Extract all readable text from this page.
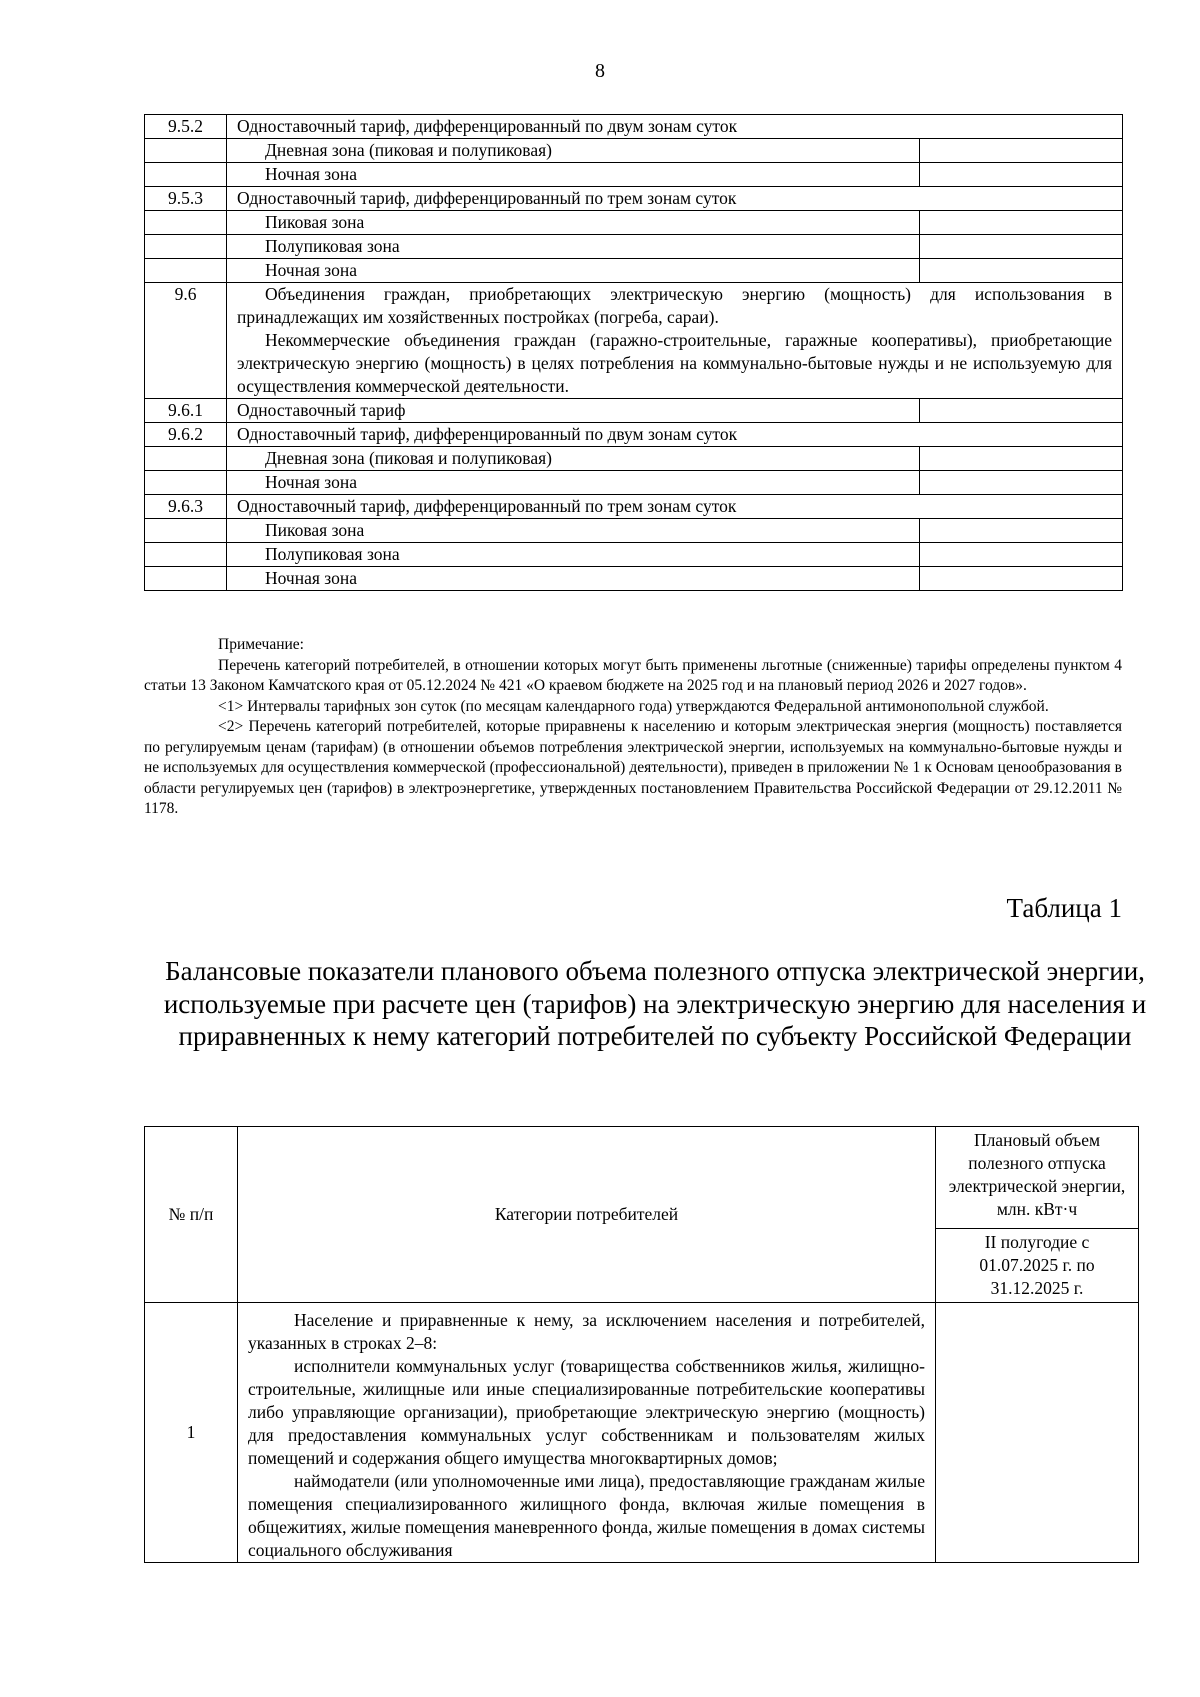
8
9.5.2	Одноставочный тариф, дифференцированный по двум зонам суток	
	Дневная зона (пиковая и полупиковая)	
	Ночная зона	
9.5.3	Одноставочный тариф, дифференцированный по трем зонам суток	
	Пиковая зона	
	Полупиковая зона	
	Ночная зона	
9.6	Объединения граждан, приобретающих электрическую энергию (мощность) для использования в принадлежащих им хозяйственных постройках (погреба, сараи).

Некоммерческие объединения граждан (гаражно-строительные, гаражные кооперативы), приобретающие электрическую энергию (мощность) в целях потребления на коммунально-бытовые нужды и не используемую для осуществления коммерческой деятельности.	

9.6.1	Одноставочный тариф	
9.6.2	Одноставочный тариф, дифференцированный по двум зонам суток	
	Дневная зона (пиковая и полупиковая)	
	Ночная зона	
9.6.3	Одноставочный тариф, дифференцированный по трем зонам суток	
	Пиковая зона	
	Полупиковая зона	
	Ночная зона	

Примечание:

Перечень категорий потребителей, в отношении которых могут быть применены льготные (сниженные) тарифы определены пунктом 4 статьи 13 Законом Камчатского края от 05.12.2024 № 421 «О краевом бюджете на 2025 год и на плановый период 2026 и 2027 годов».

<1> Интервалы тарифных зон суток (по месяцам календарного года) утверждаются Федеральной антимонопольной службой.

<2> Перечень категорий потребителей, которые приравнены к населению и которым электрическая энергия (мощность) поставляется по регулируемым ценам (тарифам) (в отношении объемов потребления электрической энергии, используемых на коммунально-бытовые нужды и не используемых для осуществления коммерческой (профессиональной) деятельности), приведен в приложении № 1 к Основам ценообразования в области регулируемых цен (тарифов) в электроэнергетике, утвержденных постановлением Правительства Российской Федерации от 29.12.2011 № 1178.

Таблица 1
Балансовые показатели планового объема полезного отпуска электрической энергии, используемые при расчете цен (тарифов) на электрическую энергию для населения и приравненных к нему категорий потребителей по субъекту Российской Федерации
№ п/п	Категории потребителей	Плановый объем полезного отпуска электрической энергии, млн. кВт·ч
		II полугодие с 01.07.2025 г. по 31.12.2025 г.
1	Население и приравненные к нему, за исключением населения и потребителей, указанных в строках 2–8:

исполнители коммунальных услуг (товарищества собственников жилья, жилищно-строительные, жилищные или иные специализированные потребительские кооперативы либо управляющие организации), приобретающие электрическую энергию (мощность) для предоставления коммунальных услуг собственникам и пользователям жилых помещений и содержания общего имущества многоквартирных домов;

наймодатели (или уполномоченные ими лица), предоставляющие гражданам жилые помещения специализированного жилищного фонда, включая жилые помещения в общежитиях, жилые помещения маневренного фонда, жилые помещения в домах системы социального обслуживания	
